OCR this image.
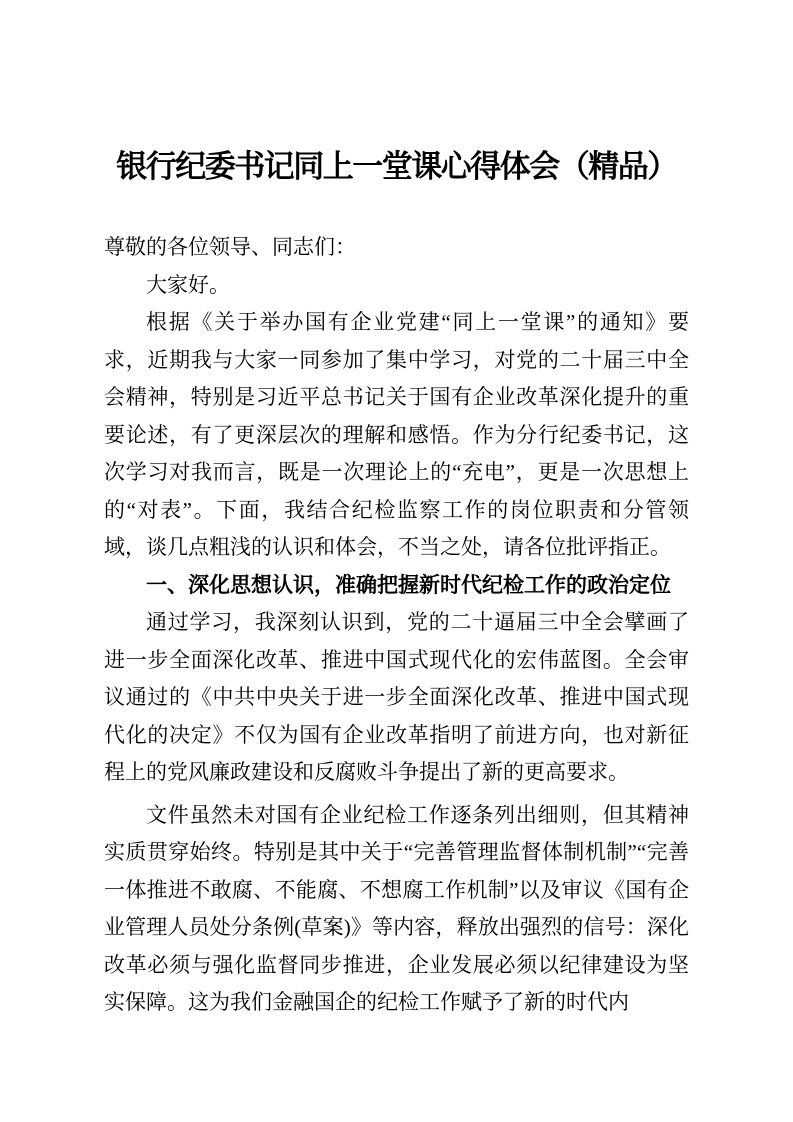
银行纪委书记同上一堂课心得体会（精品）

尊敬的各位领导、同志们：

大家好。

根据《关于举办国有企业党建“同上一堂课”的通知》要求，近期我与大家一同参加了集中学习，对党的二十届三中全会精神，特别是习近平总书记关于国有企业改革深化提升的重要论述，有了更深层次的理解和感悟。作为分行纪委书记，这次学习对我而言，既是一次理论上的“充电”，更是一次思想上的“对表”。下面，我结合纪检监察工作的岗位职责和分管领域，谈几点粗浅的认识和体会，不当之处，请各位批评指正。

一、深化思想认识，准确把握新时代纪检工作的政治定位

通过学习，我深刻认识到，党的二十逼届三中全会擘画了进一步全面深化改革、推进中国式现代化的宏伟蓝图。全会审议通过的《中共中央关于进一步全面深化改革、推进中国式现代化的决定》不仅为国有企业改革指明了前进方向，也对新征程上的党风廉政建设和反腐败斗争提出了新的更高要求。

文件虽然未对国有企业纪检工作逐条列出细则，但其精神实质贯穿始终。特别是其中关于“完善管理监督体制机制”“完善一体推进不敢腐、不能腐、不想腐工作机制”以及审议《国有企业管理人员处分条例(草案)》等内容，释放出强烈的信号：深化改革必须与强化监督同步推进，企业发展必须以纪律建设为坚实保障。这为我们金融国企的纪检工作赋予了新的时代内
